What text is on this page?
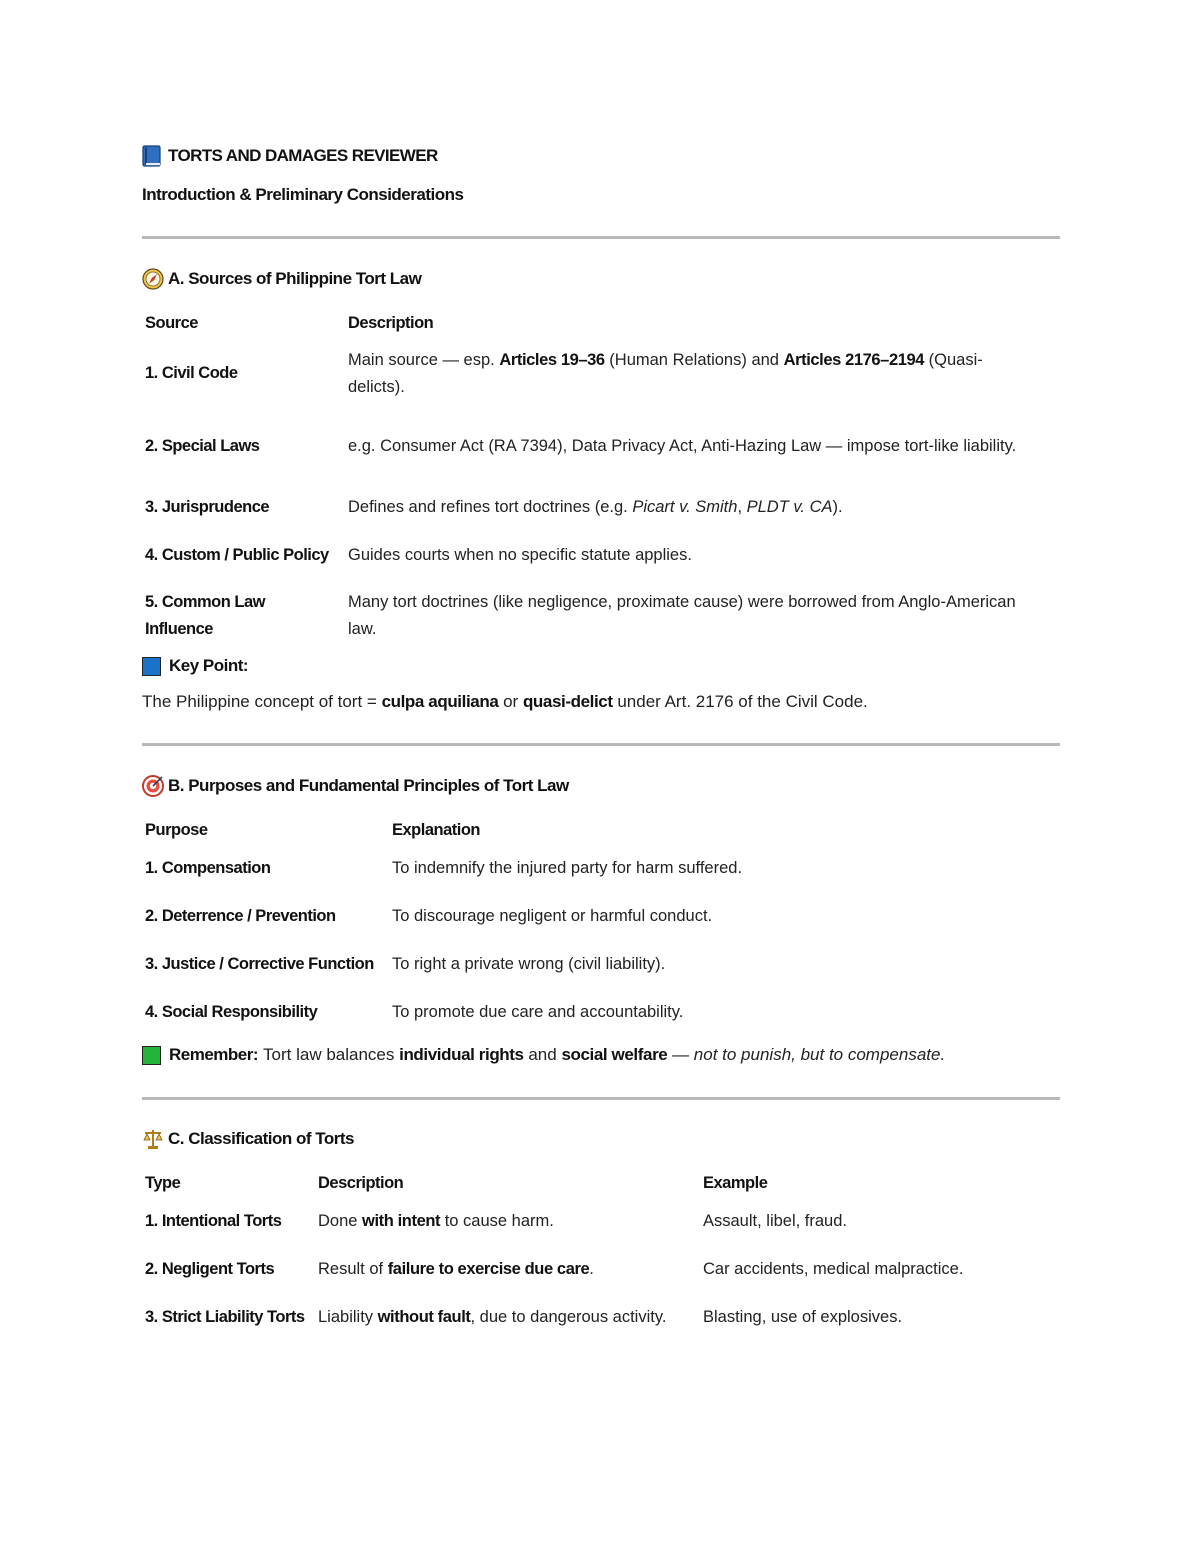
TORTS AND DAMAGES REVIEWER
Introduction & Preliminary Considerations
A. Sources of Philippine Tort Law
Source	Description
1. Civil Code	Main source — esp. Articles 19–36 (Human Relations) and Articles 2176–2194 (Quasi-delicts).
2. Special Laws	e.g. Consumer Act (RA 7394), Data Privacy Act, Anti-Hazing Law — impose tort-like liability.
3. Jurisprudence	Defines and refines tort doctrines (e.g. Picart v. Smith, PLDT v. CA).
4. Custom / Public Policy	Guides courts when no specific statute applies.
5. Common Law Influence	Many tort doctrines (like negligence, proximate cause) were borrowed from Anglo-American law.
Key Point:
The Philippine concept of tort = culpa aquiliana or quasi-delict under Art. 2176 of the Civil Code.
B. Purposes and Fundamental Principles of Tort Law
Purpose	Explanation
1. Compensation	To indemnify the injured party for harm suffered.
2. Deterrence / Prevention	To discourage negligent or harmful conduct.
3. Justice / Corrective Function	To right a private wrong (civil liability).
4. Social Responsibility	To promote due care and accountability.
Remember: Tort law balances individual rights and social welfare — not to punish, but to compensate.
C. Classification of Torts
Type	Description	Example
1. Intentional Torts	Done with intent to cause harm.	Assault, libel, fraud.
2. Negligent Torts	Result of failure to exercise due care.	Car accidents, medical malpractice.
3. Strict Liability Torts	Liability without fault, due to dangerous activity.	Blasting, use of explosives.
